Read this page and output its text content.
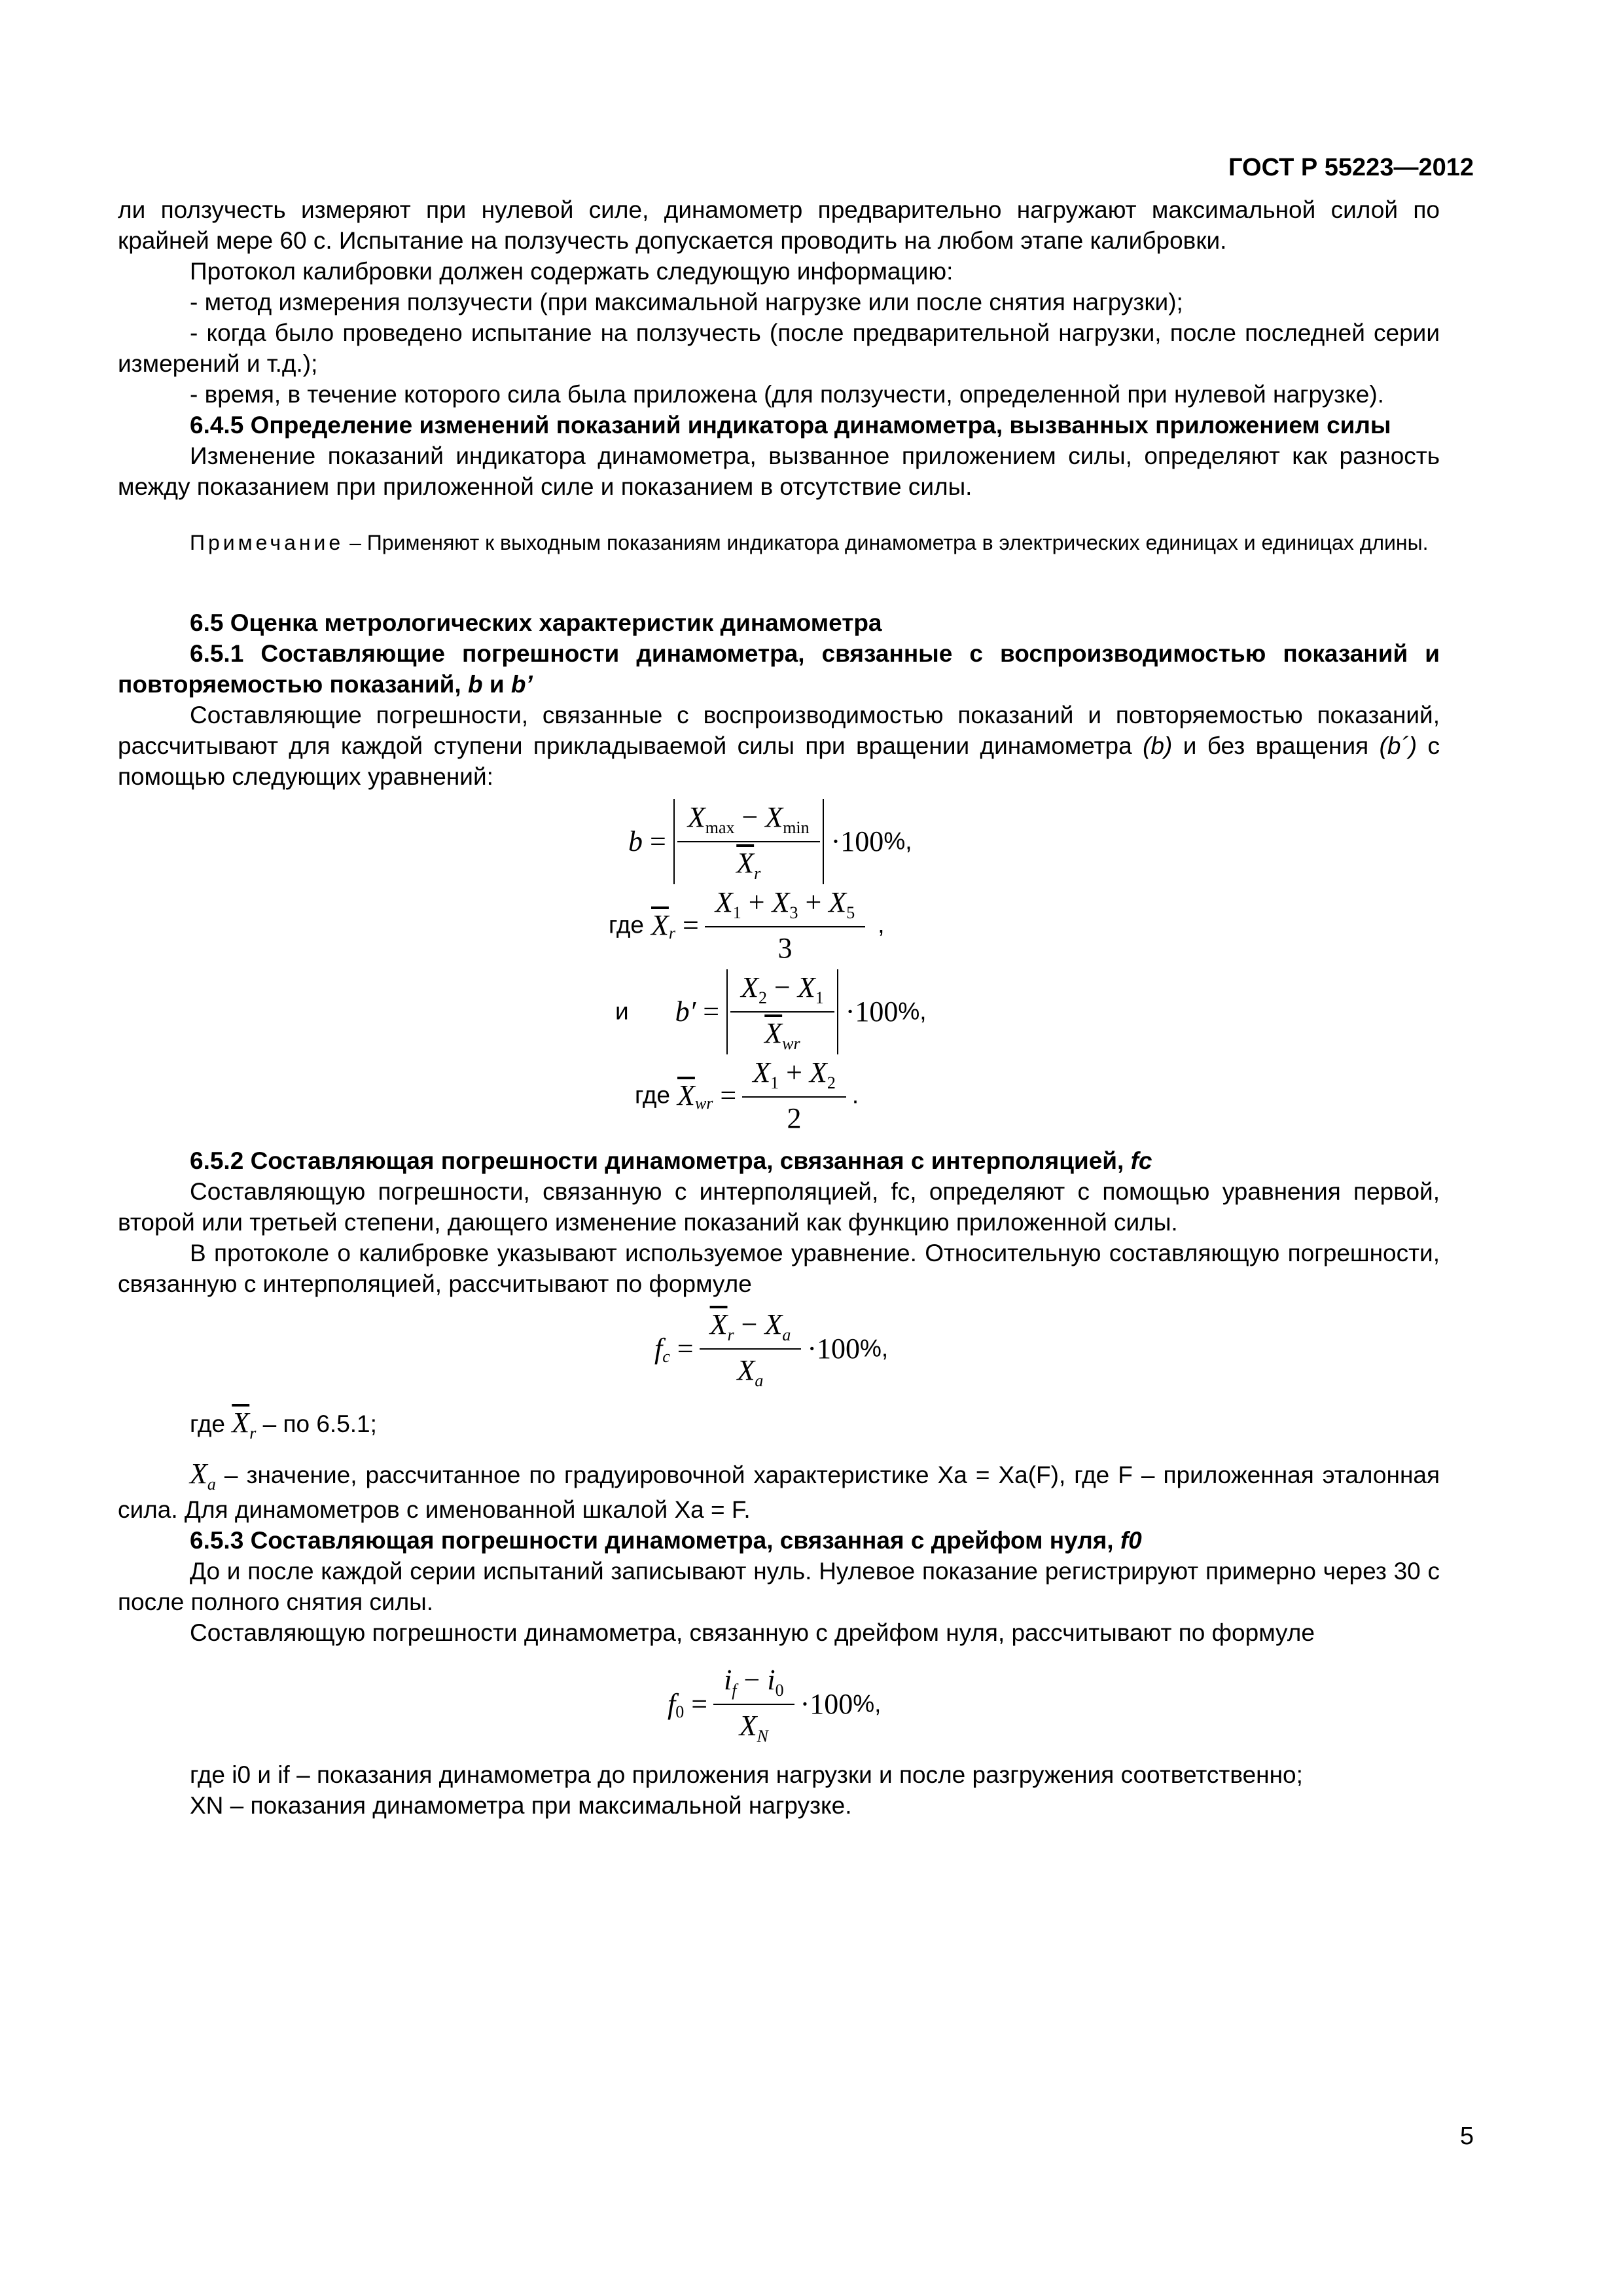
ГОСТ Р 55223—2012

ли ползучесть измеряют при нулевой силе, динамометр предварительно нагружают максимальной силой по крайней мере 60 с. Испытание на ползучесть допускается проводить на любом этапе калибровки.

Протокол калибровки должен содержать следующую информацию:

- метод измерения ползучести (при максимальной нагрузке или после снятия нагрузки);

- когда было проведено испытание на ползучесть (после предварительной нагрузки, после последней серии измерений и т.д.);

- время, в течение которого сила была приложена (для ползучести, определенной при нулевой нагрузке).

6.4.5 Определение изменений показаний индикатора динамометра, вызванных приложением силы

Изменение показаний индикатора динамометра, вызванное приложением силы, определяют как разность между показанием при приложенной силе и показанием в отсутствие силы.

Примечание – Применяют к выходным показаниям индикатора динамометра в электрических единицах и единицах длины.

6.5 Оценка метрологических характеристик динамометра

6.5.1 Составляющие погрешности динамометра, связанные с воспроизводимостью показаний и повторяемостью показаний, b и b’

Составляющие погрешности, связанные с воспроизводимостью показаний и повторяемостью показаний, рассчитывают для каждой ступени прикладываемой силы при вращении динамометра (b) и без вращения (b´) с помощью следующих уравнений:

$b = \frac{X_{max} - X_{min}}{\overline{X}_r} \cdot 100\%$,
где $\overline{X}_r = \frac{X_1 + X_3 + X_5}{3}$ ,
и $b' = \frac{X_2 - X_1}{\overline{X}_{wr}} \cdot 100\%$,
где $\overline{X}_{wr} = \frac{X_1 + X_2}{2}$ .

6.5.2 Составляющая погрешности динамометра, связанная с интерполяцией, fc

Составляющую погрешности, связанную с интерполяцией, fc, определяют с помощью уравнения первой, второй или третьей степени, дающего изменение показаний как функцию приложенной силы.

В протоколе о калибровке указывают используемое уравнение. Относительную составляющую погрешности, связанную с интерполяцией, рассчитывают по формуле

$f_c = \frac{\overline{X}_r - X_a}{X_a} \cdot 100\%$,

где $\overline{X}_r$ – по 6.5.1;

$X_a$ – значение, рассчитанное по градуировочной характеристике Xa = Xa(F), где F – приложенная эталонная сила. Для динамометров с именованной шкалой Xa = F.

6.5.3 Составляющая погрешности динамометра, связанная с дрейфом нуля, f0

До и после каждой серии испытаний записывают нуль. Нулевое показание регистрируют примерно через 30 с после полного снятия силы.

Составляющую погрешности динамометра, связанную с дрейфом нуля, рассчитывают по формуле

$f_0 = \frac{i_f - i_0}{X_N} \cdot 100\%$,

где i0 и if – показания динамометра до приложения нагрузки и после разгружения соответственно;

XN – показания динамометра при максимальной нагрузке.

5
